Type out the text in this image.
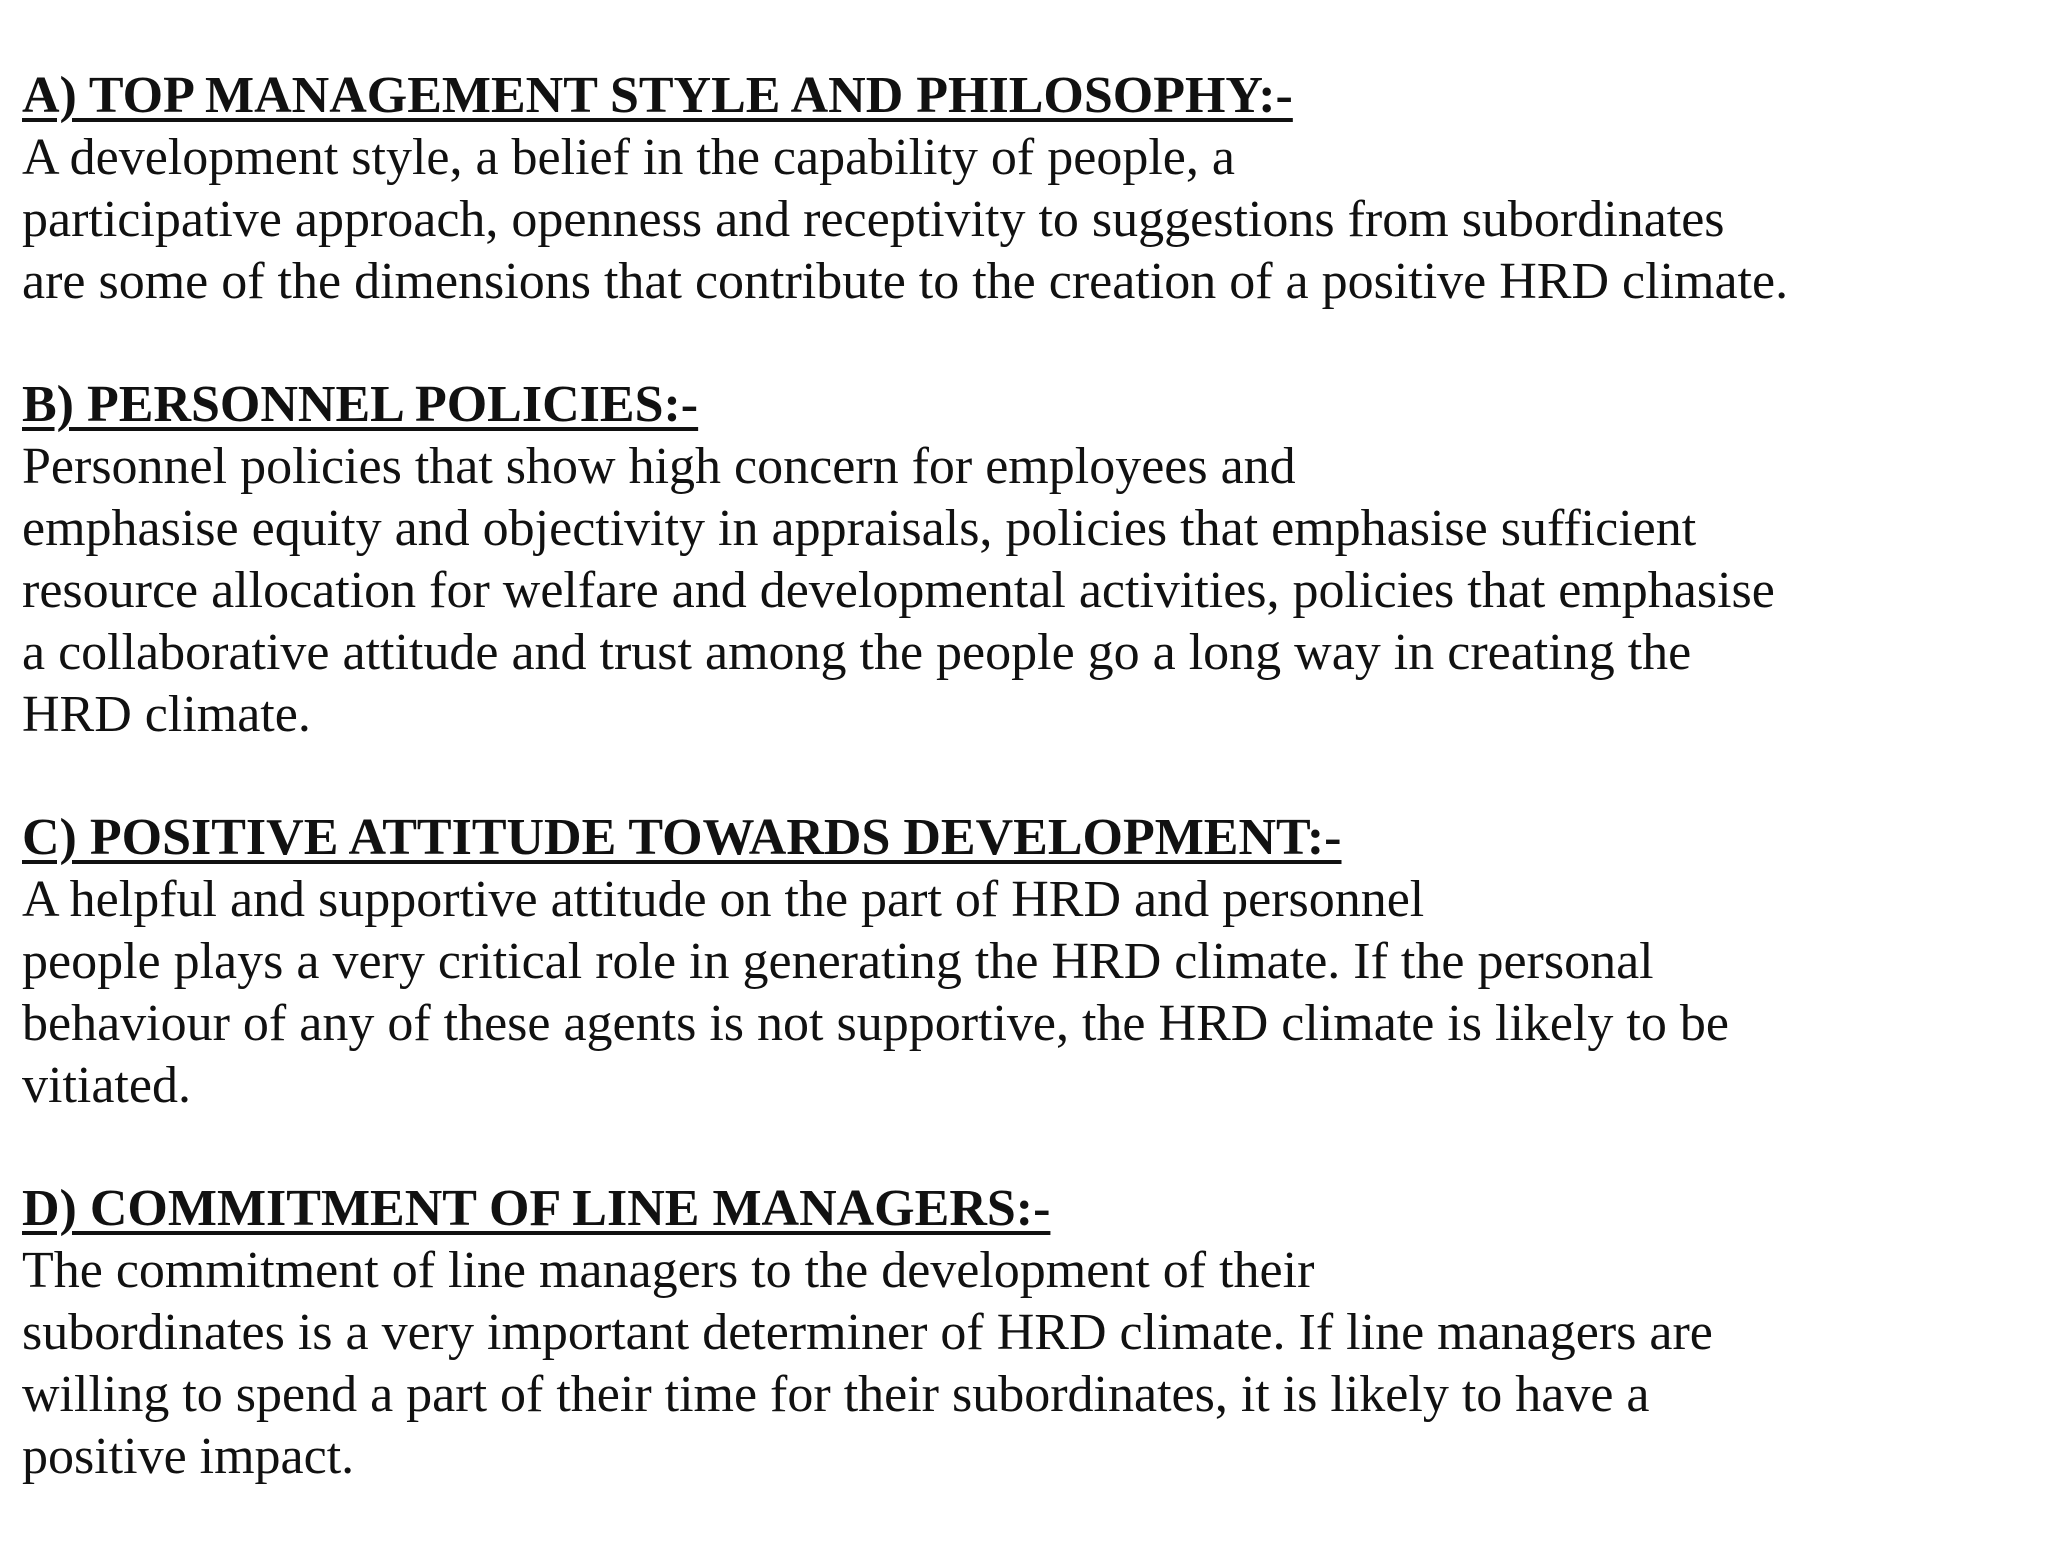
A) TOP MANAGEMENT STYLE AND PHILOSOPHY:-

A development style, a belief in the capability of people, a

participative approach, openness and receptivity to suggestions from subordinates

are some of the dimensions that contribute to the creation of a positive HRD climate.

B) PERSONNEL POLICIES:-

Personnel policies that show high concern for employees and

emphasise equity and objectivity in appraisals, policies that emphasise sufficient

resource allocation for welfare and developmental activities, policies that emphasise

a collaborative attitude and trust among the people go a long way in creating the

HRD climate.

C) POSITIVE ATTITUDE TOWARDS DEVELOPMENT:-

A helpful and supportive attitude on the part of HRD and personnel

people plays a very critical role in generating the HRD climate. If the personal

behaviour of any of these agents is not supportive, the HRD climate is likely to be

vitiated.

D) COMMITMENT OF LINE MANAGERS:-

The commitment of line managers to the development of their

subordinates is a very important determiner of HRD climate. If line managers are

willing to spend a part of their time for their subordinates, it is likely to have a

positive impact.
